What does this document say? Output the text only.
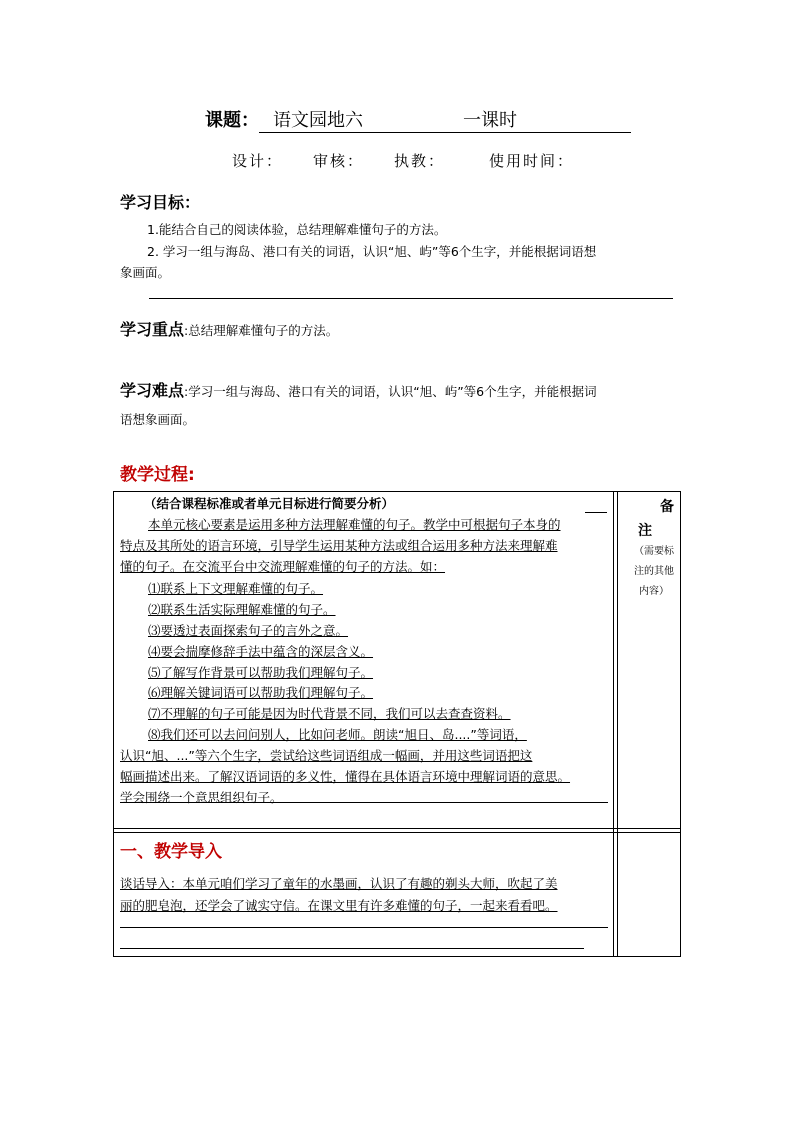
课题： 语文园地六	一课时
设计： 审核： 执教：	使用时间：
学习目标：
1.能结合自己的阅读体验，总结理解难懂句子的方法。
2. 学习一组与海岛、港口有关的词语，认识“旭、屿”等6个生字，并能根据词语想
象画面。
学习重点:总结理解难懂句子的方法。
学习难点:学习一组与海岛、港口有关的词语，认识“旭、屿”等6个生字，并能根据词
语想象画面。
教学过程:
（结合课程标准或者单元目标进行简要分析）
本单元核心要素是运用多种方法理解难懂的句子。教学中可根据句子本身的
特点及其所处的语言环境，引导学生运用某种方法或组合运用多种方法来理解难
懂的句子。在交流平台中交流理解难懂的句子的方法。如：
⑴联系上下文理解难懂的句子。
⑵联系生活实际理解难懂的句子。
⑶要透过表面探索句子的言外之意。
⑷要会揣摩修辞手法中蕴含的深层含义。
⑸了解写作背景可以帮助我们理解句子。
⑹理解关键词语可以帮助我们理解句子。
⑺不理解的句子可能是因为时代背景不同，我们可以去查查资料。
⑻我们还可以去问问别人，比如问老师。朗读“旭日、岛....”等词语，
认识“旭、...”等六个生字，尝试给这些词语组成一幅画，并用这些词语把这
幅画描述出来。了解汉语词语的多义性，懂得在具体语言环境中理解词语的意思。
学会围绕一个意思组织句子。
备
注
（需要标
注的其他
内容）
一、教学导入
谈话导入：本单元咱们学习了童年的水墨画，认识了有趣的剃头大师，吹起了美
丽的肥皂泡，还学会了诚实守信。在课文里有许多难懂的句子，一起来看看吧。
